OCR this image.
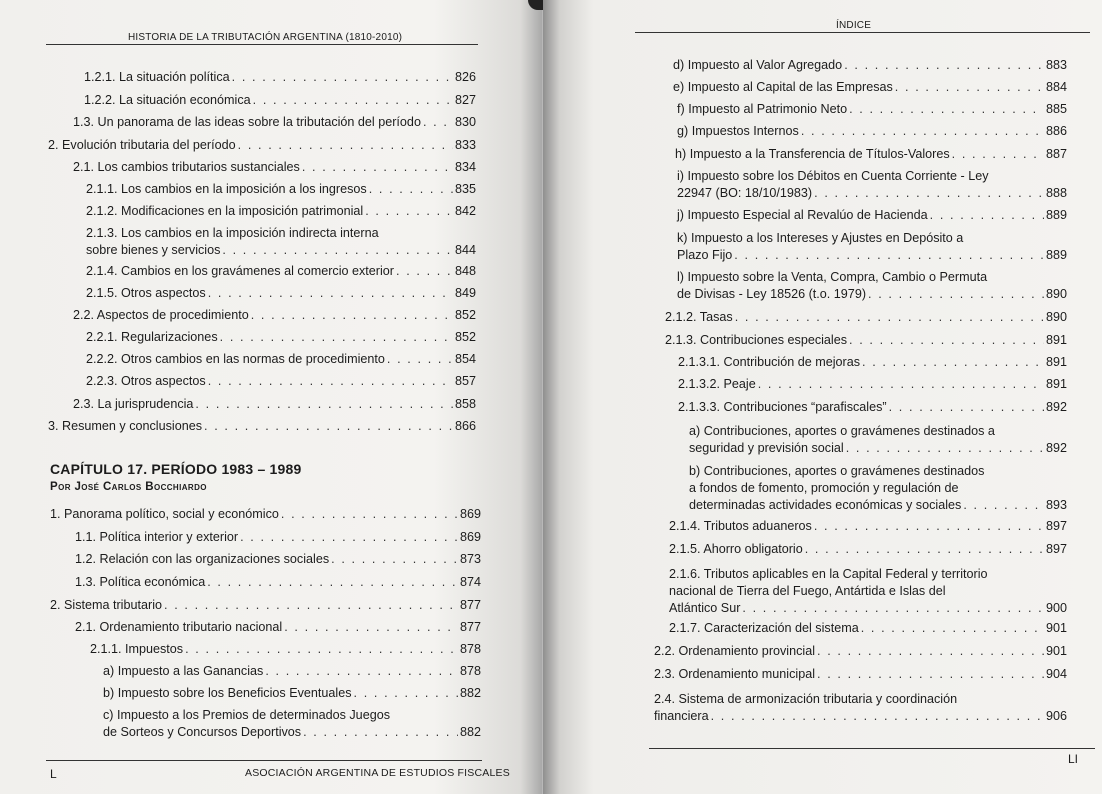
HISTORIA DE LA TRIBUTACIÓN ARGENTINA (1810-2010)
1.2.1. La situación política . . .	826
1.2.2. La situación económica . . .	827
1.3. Un panorama de las ideas sobre la tributación del período . . .	830
2. Evolución tributaria del período . . .	833
2.1. Los cambios tributarios sustanciales . . .	834
2.1.1. Los cambios en la imposición a los ingresos . . .	835
2.1.2. Modificaciones en la imposición patrimonial . . .	842
2.1.3. Los cambios en la imposición indirecta interna
sobre bienes y servicios . . .	844
2.1.4. Cambios en los gravámenes al comercio exterior . . .	848
2.1.5. Otros aspectos . . .	849
2.2. Aspectos de procedimiento . . .	852
2.2.1. Regularizaciones . . .	852
2.2.2. Otros cambios en las normas de procedimiento . . .	854
2.2.3. Otros aspectos . . .	857
2.3. La jurisprudencia . . .	858
3. Resumen y conclusiones . . .	866
CAPÍTULO 17. PERÍODO 1983 – 1989
Por José Carlos Bocchiardo
1. Panorama político, social y económico . . .	869
1.1. Política interior y exterior . . .	869
1.2. Relación con las organizaciones sociales . . .	873
1.3. Política económica . . .	874
2. Sistema tributario . . .	877
2.1. Ordenamiento tributario nacional . . .	877
2.1.1. Impuestos . . .	878
a) Impuesto a las Ganancias . . .	878
b) Impuesto sobre los Beneficios Eventuales . . .	882
c) Impuesto a los Premios de determinados Juegos
de Sorteos y Concursos Deportivos . . .	882
L	ASOCIACIÓN ARGENTINA DE ESTUDIOS FISCALES
ÍNDICE
d) Impuesto al Valor Agregado . . .	883
e) Impuesto al Capital de las Empresas . . .	884
f) Impuesto al Patrimonio Neto . . .	885
g) Impuestos Internos . . .	886
h) Impuesto a la Transferencia de Títulos-Valores . . .	887
i) Impuesto sobre los Débitos en Cuenta Corriente - Ley
22947 (BO: 18/10/1983) . . .	888
j) Impuesto Especial al Revalúo de Hacienda . . .	889
k) Impuesto a los Intereses y Ajustes en Depósito a
Plazo Fijo . . .	889
l) Impuesto sobre la Venta, Compra, Cambio o Permuta
de Divisas - Ley 18526 (t.o. 1979) . . .	890
2.1.2. Tasas . . .	890
2.1.3. Contribuciones especiales . . .	891
2.1.3.1. Contribución de mejoras . . .	891
2.1.3.2. Peaje . . .	891
2.1.3.3. Contribuciones “parafiscales” . . .	892
a) Contribuciones, aportes o gravámenes destinados a
seguridad y previsión social . . .	892
b) Contribuciones, aportes o gravámenes destinados
a fondos de fomento, promoción y regulación de
determinadas actividades económicas y sociales . . .	893
2.1.4. Tributos aduaneros . . .	897
2.1.5. Ahorro obligatorio . . .	897
2.1.6. Tributos aplicables en la Capital Federal y territorio
nacional de Tierra del Fuego, Antártida e Islas del
Atlántico Sur . . .	900
2.1.7. Caracterización del sistema . . .	901
2.2. Ordenamiento provincial . . .	901
2.3. Ordenamiento municipal . . .	904
2.4. Sistema de armonización tributaria y coordinación
financiera . . .	906
LI
